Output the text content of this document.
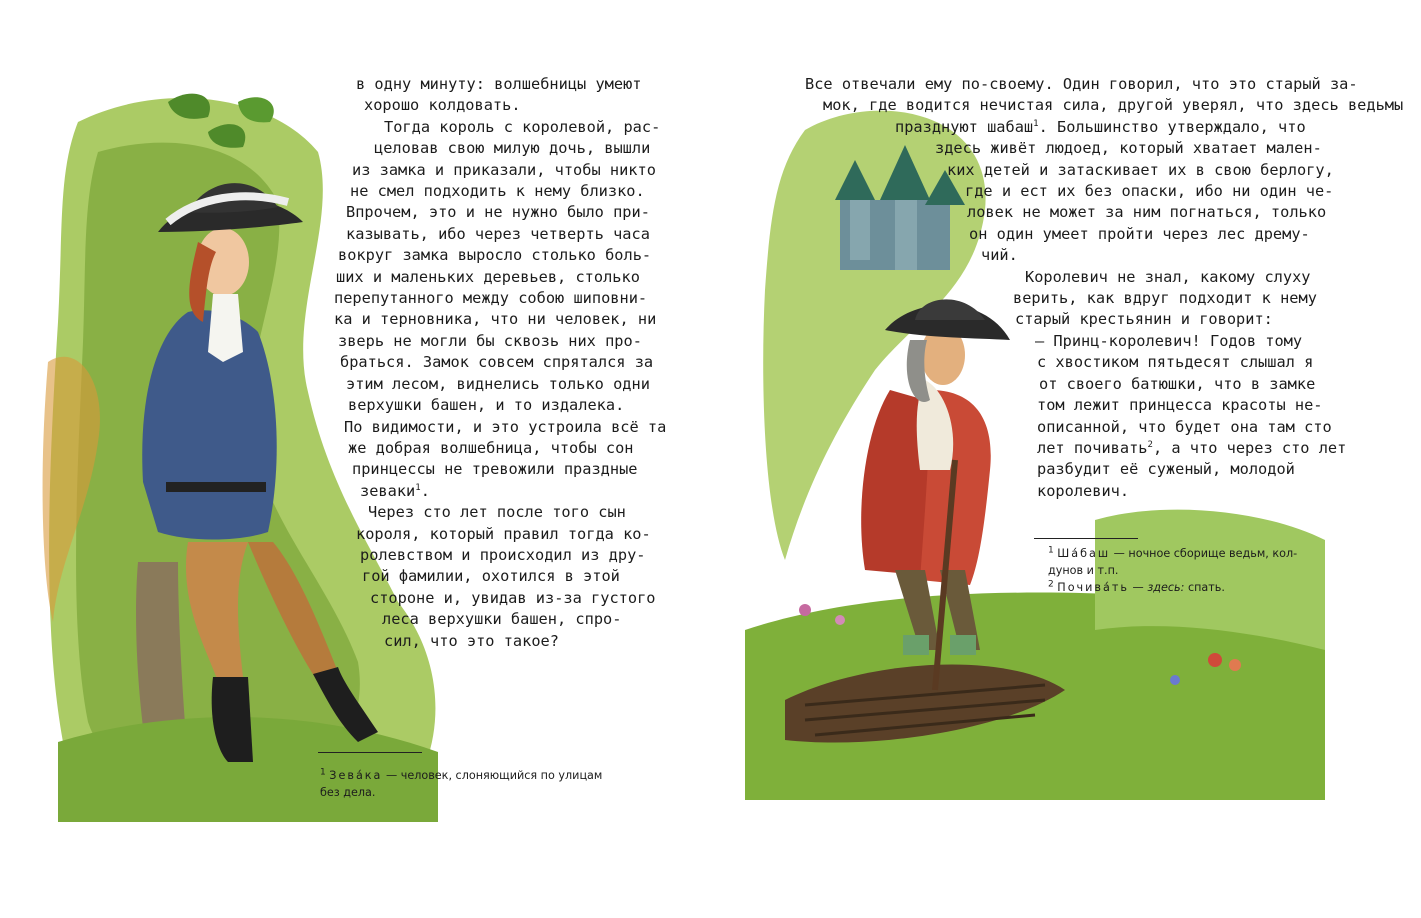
в одну минуту: волшебницы умеют
хорошо колдовать.
Тогда король с королевой, рас-
целовав свою милую дочь, вышли
из замка и приказали, чтобы никто
не смел подходить к нему близко.
Впрочем, это и не нужно было при-
казывать, ибо через четверть часа
вокруг замка выросло столько боль-
ших и маленьких деревьев, столько
перепутанного между собою шиповни-
ка и терновника, что ни человек, ни
зверь не могли бы сквозь них про-
браться. Замок совсем спрятался за
этим лесом, виднелись только одни
верхушки башен, и то издалека.
По видимости, и это устроила всё та
же добрая волшебница, чтобы сон
принцессы не тревожили праздные
зеваки$^1$.
Через сто лет после того сын
короля, который правил тогда ко-
ролевством и происходил из дру-
гой фамилии, охотился в этой
стороне и, увидав из-за густого
леса верхушки башен, спро-
сил, что это такое?
$^1$ Зева́ка — человек, слоняющийся по улицам
без дела.
Все отвечали ему по-своему. Один говорил, что это старый за-
мок, где водится нечистая сила, другой уверял, что здесь ведьмы
празднуют шабаш$^1$. Большинство утверждало, что
здесь живёт людоед, который хватает мален-
ких детей и затаскивает их в свою берлогу,
где и ест их без опаски, ибо ни один че-
ловек не может за ним погнаться, только
он один умеет пройти через лес дрему-
чий.
Королевич не знал, какому слуху
верить, как вдруг подходит к нему
старый крестьянин и говорит:
— Принц-королевич! Годов тому
с хвостиком пятьдесят слышал я
от своего батюшки, что в замке
том лежит принцесса красоты не-
описанной, что будет она там сто
лет почивать$^2$, а что через сто лет
разбудит её суженый, молодой
королевич.
$^1$ Ша́баш — ночное сборище ведьм, кол-
дунов и т.п.
$^2$ Почива́ть — здесь: спать.
